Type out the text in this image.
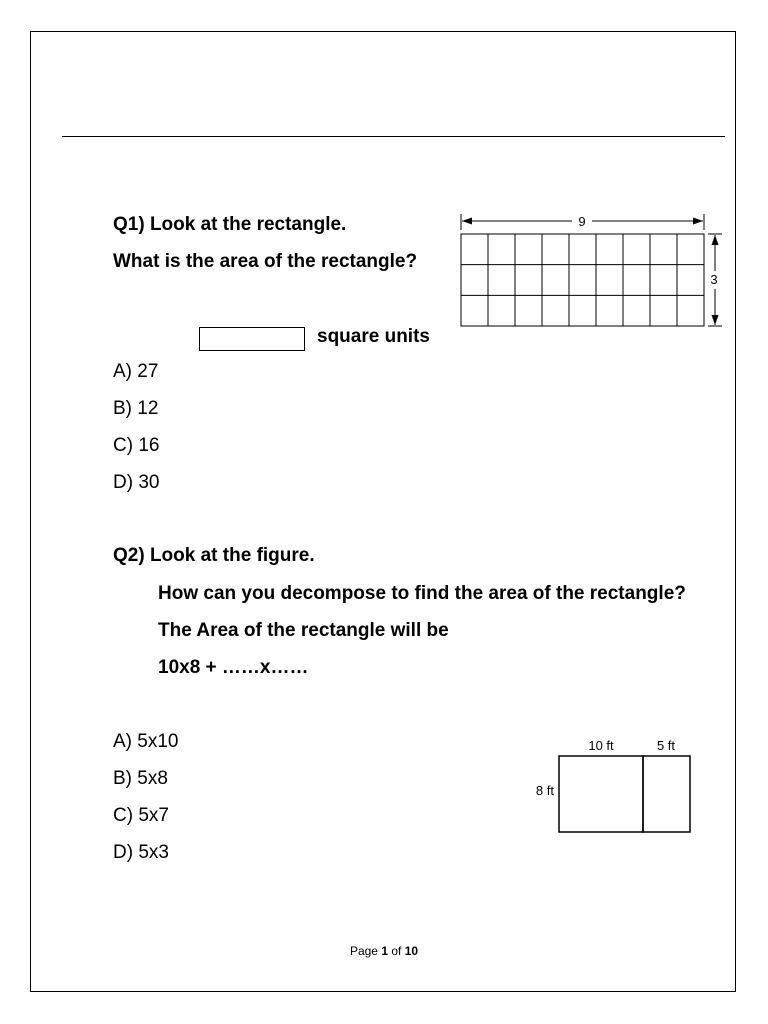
Q1) Look at the rectangle.
What is the area of the rectangle?
square units
A) 27
B) 12
C) 16
D) 30
9
3
Q2) Look at the figure.
How can you decompose to find the area of the rectangle?
The Area of the rectangle will be
10x8 + ……x……
A) 5x10
B) 5x8
C) 5x7
D) 5x3
10 ft	5 ft
8 ft
Page 1 of 10
